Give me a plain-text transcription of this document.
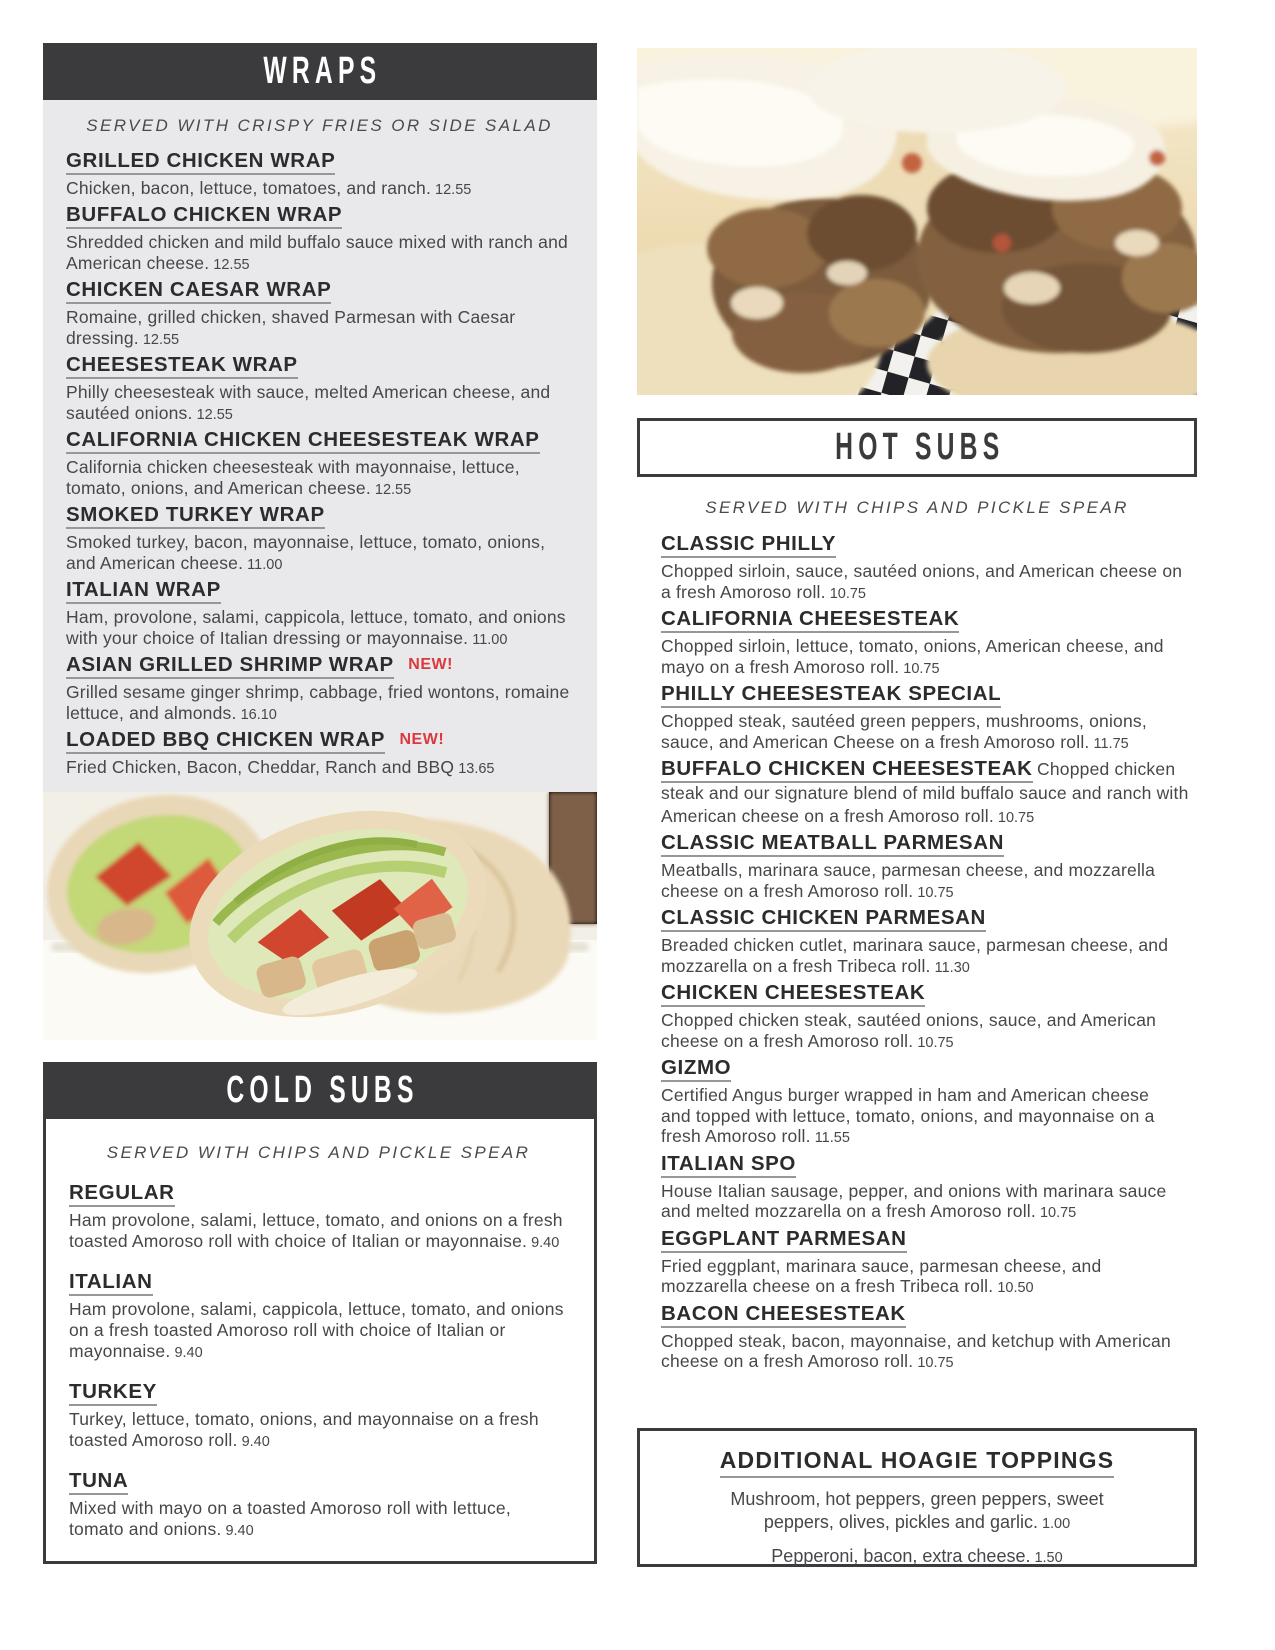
WRAPS

SERVED WITH CRISPY FRIES OR SIDE SALAD

GRILLED CHICKEN WRAP
Chicken, bacon, lettuce, tomatoes, and ranch. 12.55
BUFFALO CHICKEN WRAP
Shredded chicken and mild buffalo sauce mixed with ranch and American cheese. 12.55
CHICKEN CAESAR WRAP
Romaine, grilled chicken, shaved Parmesan with Caesar dressing. 12.55
CHEESESTEAK WRAP
Philly cheesesteak with sauce, melted American cheese, and sautéed onions. 12.55
CALIFORNIA CHICKEN CHEESESTEAK WRAP
California chicken cheesesteak with mayonnaise, lettuce, tomato, onions, and American cheese. 12.55
SMOKED TURKEY WRAP
Smoked turkey, bacon, mayonnaise, lettuce, tomato, onions, and American cheese. 11.00
ITALIAN WRAP
Ham, provolone, salami, cappicola, lettuce, tomato, and onions with your choice of Italian dressing or mayonnaise. 11.00
ASIAN GRILLED SHRIMP WRAP NEW!
Grilled sesame ginger shrimp, cabbage, fried wontons, romaine lettuce, and almonds. 16.10
LOADED BBQ CHICKEN WRAP NEW!
Fried Chicken, Bacon, Cheddar, Ranch and BBQ 13.65
COLD SUBS

SERVED WITH CHIPS AND PICKLE SPEAR

REGULAR
Ham provolone, salami, lettuce, tomato, and onions on a fresh toasted Amoroso roll with choice of Italian or mayonnaise. 9.40
ITALIAN
Ham provolone, salami, cappicola, lettuce, tomato, and onions on a fresh toasted Amoroso roll with choice of Italian or mayonnaise. 9.40
TURKEY
Turkey, lettuce, tomato, onions, and mayonnaise on a fresh toasted Amoroso roll. 9.40
TUNA
Mixed with mayo on a toasted Amoroso roll with lettuce, tomato and onions. 9.40
HOT SUBS

SERVED WITH CHIPS AND PICKLE SPEAR

CLASSIC PHILLY
Chopped sirloin, sauce, sautéed onions, and American cheese on a fresh Amoroso roll. 10.75
CALIFORNIA CHEESESTEAK
Chopped sirloin, lettuce, tomato, onions, American cheese, and mayo on a fresh Amoroso roll. 10.75
PHILLY CHEESESTEAK SPECIAL
Chopped steak, sautéed green peppers, mushrooms, onions, sauce, and American Cheese on a fresh Amoroso roll. 11.75
BUFFALO CHICKEN CHEESESTEAK Chopped chicken steak and our signature blend of mild buffalo sauce and ranch with American cheese on a fresh Amoroso roll. 10.75
CLASSIC MEATBALL PARMESAN
Meatballs, marinara sauce, parmesan cheese, and mozzarella cheese on a fresh Amoroso roll. 10.75
CLASSIC CHICKEN PARMESAN
Breaded chicken cutlet, marinara sauce, parmesan cheese, and mozzarella on a fresh Tribeca roll. 11.30
CHICKEN CHEESESTEAK
Chopped chicken steak, sautéed onions, sauce, and American cheese on a fresh Amoroso roll. 10.75
GIZMO
Certified Angus burger wrapped in ham and American cheese and topped with lettuce, tomato, onions, and mayonnaise on a fresh Amoroso roll. 11.55
ITALIAN SPO
House Italian sausage, pepper, and onions with marinara sauce and melted mozzarella on a fresh Amoroso roll. 10.75
EGGPLANT PARMESAN
Fried eggplant, marinara sauce, parmesan cheese, and mozzarella cheese on a fresh Tribeca roll. 10.50
BACON CHEESESTEAK
Chopped steak, bacon, mayonnaise, and ketchup with American cheese on a fresh Amoroso roll. 10.75
ADDITIONAL HOAGIE TOPPINGS

Mushroom, hot peppers, green peppers, sweet peppers, olives, pickles and garlic. 1.00

Pepperoni, bacon, extra cheese. 1.50
